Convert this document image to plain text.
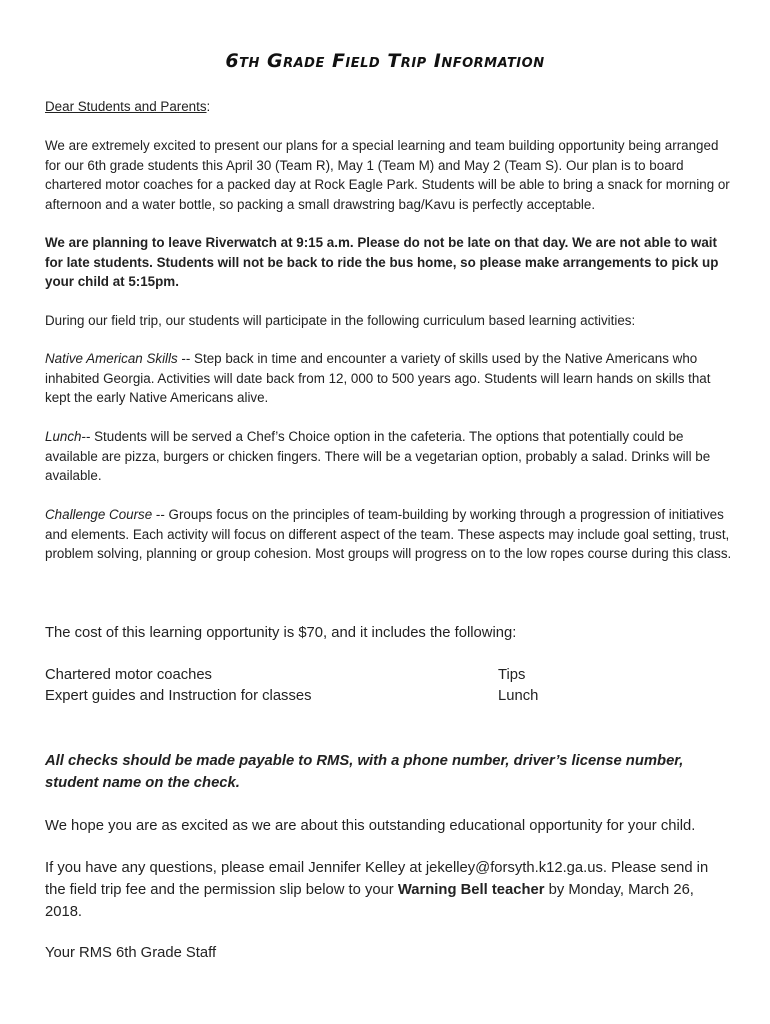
6th Grade Field Trip Information

Dear Students and Parents:

We are extremely excited to present our plans for a special learning and team building opportunity being arranged for our 6th grade students this April 30 (Team R), May 1 (Team M) and May 2 (Team S). Our plan is to board chartered motor coaches for a packed day at Rock Eagle Park. Students will be able to bring a snack for morning or afternoon and a water bottle, so packing a small drawstring bag/Kavu is perfectly acceptable.

We are planning to leave Riverwatch at 9:15 a.m. Please do not be late on that day. We are not able to wait for late students. Students will not be back to ride the bus home, so please make arrangements to pick up your child at 5:15pm.

During our field trip, our students will participate in the following curriculum based learning activities:

Native American Skills -- Step back in time and encounter a variety of skills used by the Native Americans who inhabited Georgia. Activities will date back from 12, 000 to 500 years ago. Students will learn hands on skills that kept the early Native Americans alive.

Lunch-- Students will be served a Chef’s Choice option in the cafeteria. The options that potentially could be available are pizza, burgers or chicken fingers. There will be a vegetarian option, probably a salad. Drinks will be available.

Challenge Course -- Groups focus on the principles of team-building by working through a progression of initiatives and elements. Each activity will focus on different aspect of the team. These aspects may include goal setting, trust, problem solving, planning or group cohesion. Most groups will progress on to the low ropes course during this class.

The cost of this learning opportunity is $70, and it includes the following:

Chartered motor coaches

Expert guides and Instruction for classes

Tips

Lunch

All checks should be made payable to RMS, with a phone number, driver’s license number, student name on the check.

We hope you are as excited as we are about this outstanding educational opportunity for your child.

If you have any questions, please email Jennifer Kelley at jekelley@forsyth.k12.ga.us. Please send in the field trip fee and the permission slip below to your Warning Bell teacher by Monday, March 26, 2018.

Your RMS 6th Grade Staff
